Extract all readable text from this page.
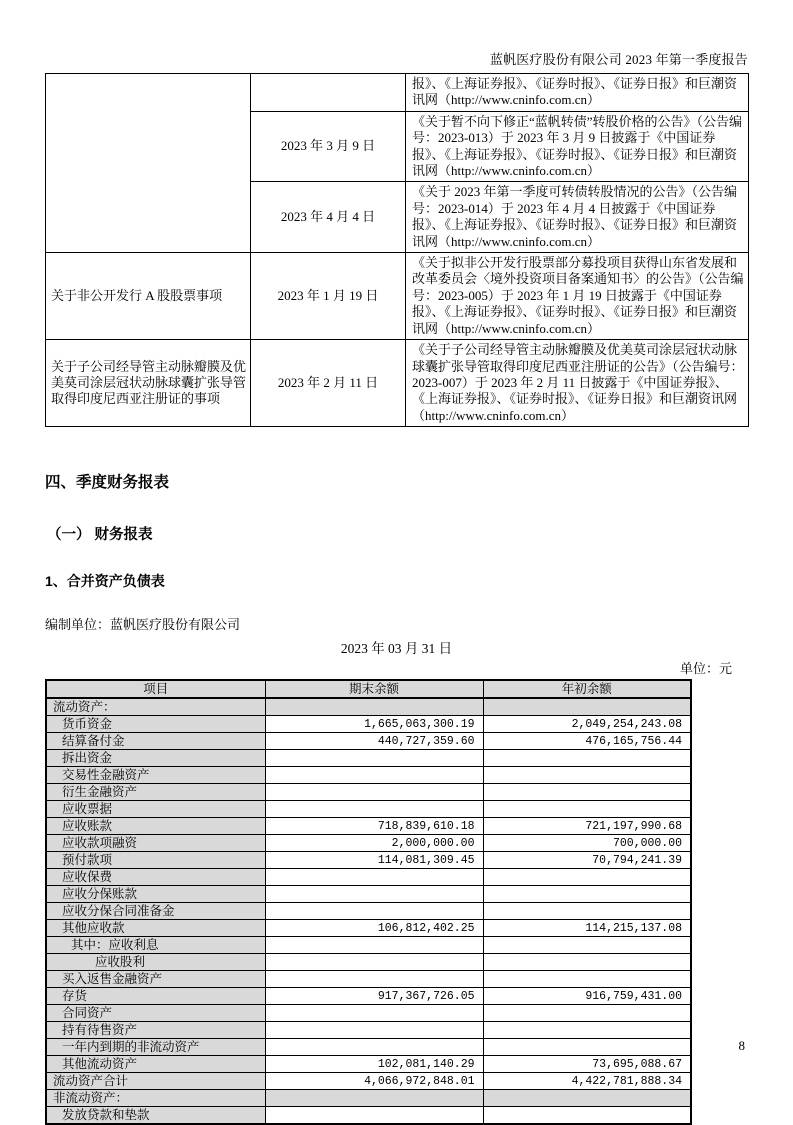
蓝帆医疗股份有限公司 2023 年第一季度报告
		报》、《上海证券报》、《证券时报》、《证券日报》和巨潮资讯网（http://www.cninfo.com.cn）
	2023 年 3 月 9 日	《关于暂不向下修正“蓝帆转债”转股价格的公告》（公告编号：2023-013）于 2023 年 3 月 9 日披露于《中国证券报》、《上海证券报》、《证券时报》、《证券日报》和巨潮资讯网（http://www.cninfo.com.cn）
	2023 年 4 月 4 日	《关于 2023 年第一季度可转债转股情况的公告》（公告编号：2023-014）于 2023 年 4 月 4 日披露于《中国证券报》、《上海证券报》、《证券时报》、《证券日报》和巨潮资讯网（http://www.cninfo.com.cn）
关于非公开发行 A 股股票事项	2023 年 1 月 19 日	《关于拟非公开发行股票部分募投项目获得山东省发展和改革委员会〈境外投资项目备案通知书〉的公告》（公告编号：2023-005）于 2023 年 1 月 19 日披露于《中国证券报》、《上海证券报》、《证券时报》、《证券日报》和巨潮资讯网（http://www.cninfo.com.cn）
关于子公司经导管主动脉瓣膜及优美莫司涂层冠状动脉球囊扩张导管取得印度尼西亚注册证的事项	2023 年 2 月 11 日	《关于子公司经导管主动脉瓣膜及优美莫司涂层冠状动脉球囊扩张导管取得印度尼西亚注册证的公告》（公告编号：2023-007）于 2023 年 2 月 11 日披露于《中国证券报》、《上海证券报》、《证券时报》、《证券日报》和巨潮资讯网（http://www.cninfo.com.cn）
四、季度财务报表
（一） 财务报表
1、合并资产负债表
编制单位：蓝帆医疗股份有限公司
2023 年 03 月 31 日
单位：元
项目	期末余额	年初余额
流动资产：		
货币资金	1,665,063,300.19	2,049,254,243.08
结算备付金	440,727,359.60	476,165,756.44
拆出资金		
交易性金融资产		
衍生金融资产		
应收票据		
应收账款	718,839,610.18	721,197,990.68
应收款项融资	2,000,000.00	700,000.00
预付款项	114,081,309.45	70,794,241.39
应收保费		
应收分保账款		
应收分保合同准备金		
其他应收款	106,812,402.25	114,215,137.08
其中：应收利息		
应收股利		
买入返售金融资产		
存货	917,367,726.05	916,759,431.00
合同资产		
持有待售资产		
一年内到期的非流动资产		
其他流动资产	102,081,140.29	73,695,088.67
流动资产合计	4,066,972,848.01	4,422,781,888.34
非流动资产：		
发放贷款和垫款		
8
